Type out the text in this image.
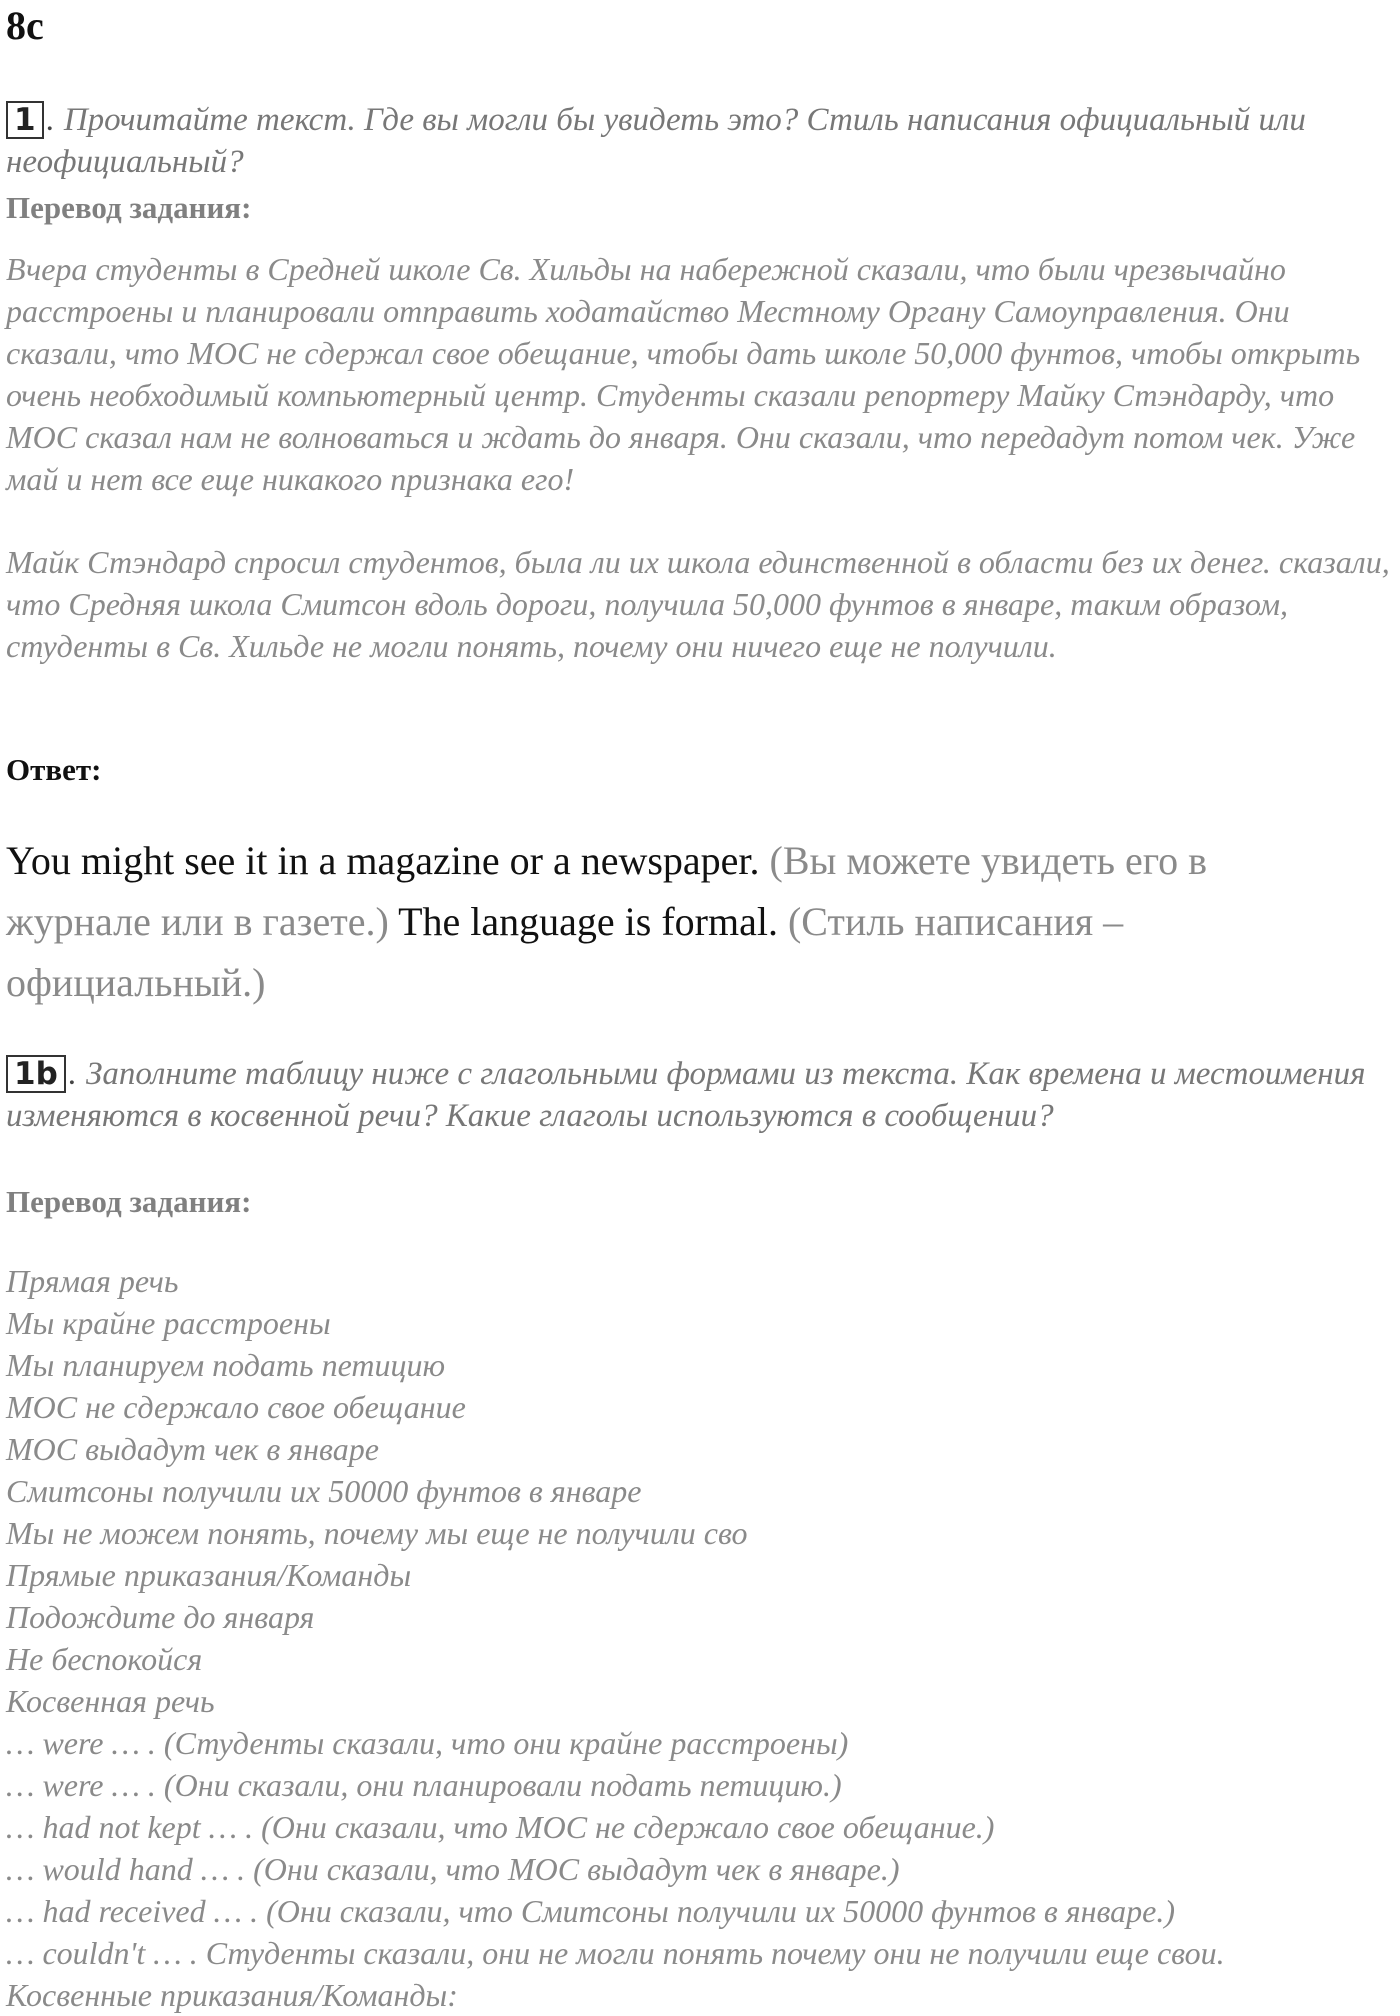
8c
1 . Прочитайте текст. Где вы могли бы увидеть это? Стиль написания официальный или неофициальный?
Перевод задания:

Вчера студенты в Средней школе Св. Хильды на набережной сказали, что были чрезвычайно расстроены и планировали отправить ходатайство Местному Органу Самоуправления. Они сказали, что МОС не сдержал свое обещание, чтобы дать школе 50,000 фунтов, чтобы открыть очень необходимый компьютерный центр. Студенты сказали репортеру Майку Стэндарду, что МОС сказал нам не волноваться и ждать до января. Они сказали, что передадут потом чек. Уже май и нет все еще никакого признака его!

Майк Стэндард спросил студентов, была ли их школа единственной в области без их денег. сказали, что Средняя школа Смитсон вдоль дороги, получила 50,000 фунтов в январе, таким образом, студенты в Св. Хильде не могли понять, почему они ничего еще не получили.

Ответ:

You might see it in a magazine or a newspaper. (Вы можете увидеть его в журнале или в газете.) The language is formal. (Стиль написания – официальный.)

1b . Заполните таблицу ниже с глагольными формами из текста. Как времена и местоимения изменяются в косвенной речи? Какие глаголы используются в сообщении?
Перевод задания:
Прямая речь
Мы крайне расстроены
Мы планируем подать петицию
МОС не сдержало свое обещание
МОС выдадут чек в январе
Смитсоны получили их 50000 фунтов в январе
Мы не можем понять, почему мы еще не получили сво
Прямые приказания/Команды
Подождите до января
Не беспокойся
Косвенная речь
… were … . (Студенты сказали, что они крайне расстроены)
… were … . (Они сказали, они планировали подать петицию.)
… had not kept … . (Они сказали, что МОС не сдержало свое обещание.)
… would hand … . (Они сказали, что МОС выдадут чек в январе.)
… had received … . (Они сказали, что Смитсоны получили их 50000 фунтов в январе.)
… couldn't … . Студенты сказали, они не могли понять почему они не получили еще свои.
Косвенные приказания/Команды:
